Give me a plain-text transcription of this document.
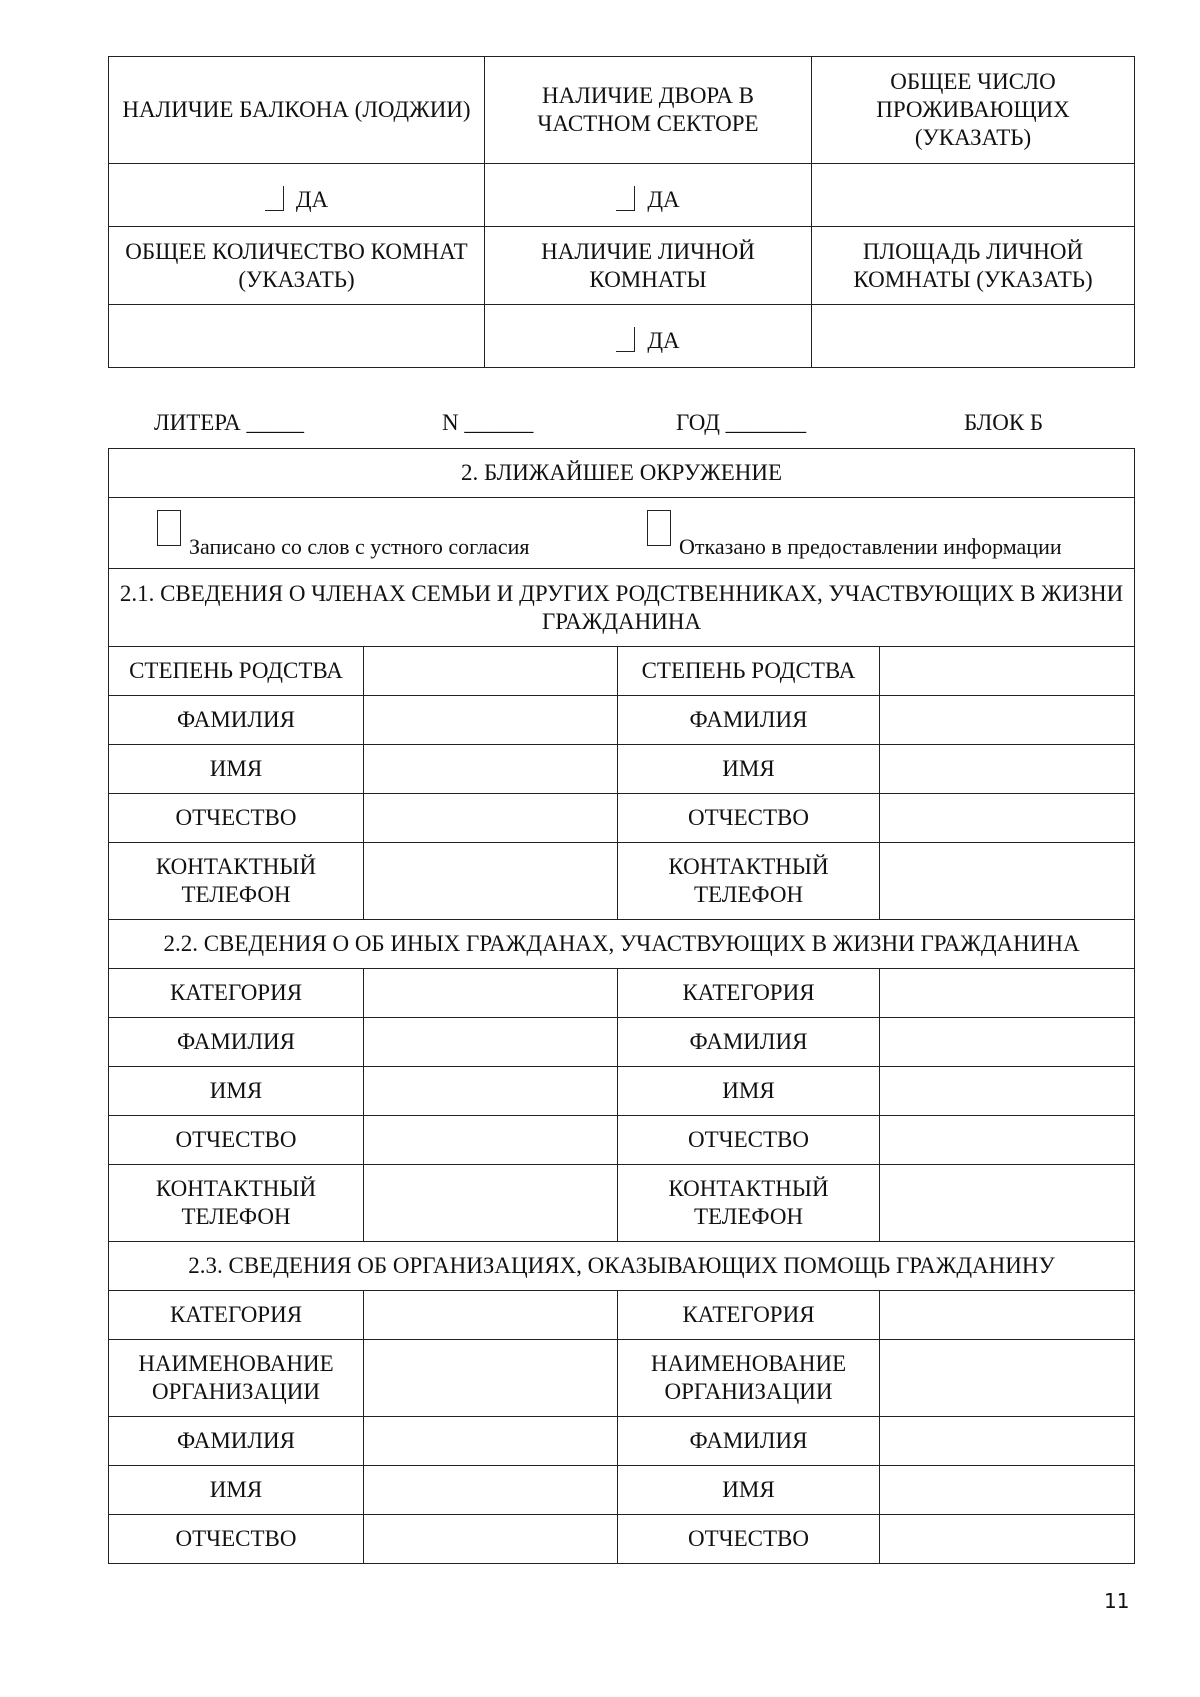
НАЛИЧИЕ БАЛКОНА (ЛОДЖИИ)	НАЛИЧИЕ ДВОРА В ЧАСТНОМ СЕКТОРЕ	ОБЩЕЕ ЧИСЛО ПРОЖИВАЮЩИХ (УКАЗАТЬ)
ДА	ДА	
ОБЩЕЕ КОЛИЧЕСТВО КОМНАТ (УКАЗАТЬ)	НАЛИЧИЕ ЛИЧНОЙ КОМНАТЫ	ПЛОЩАДЬ ЛИЧНОЙ КОМНАТЫ (УКАЗАТЬ)
	ДА	
ЛИТЕРА _____	N ______	ГОД _______	БЛОК Б
2. БЛИЖАЙШЕЕ ОКРУЖЕНИЕ			

Записано со слов с устного согласия Отказано в предоставлении информации			

2.1. СВЕДЕНИЯ О ЧЛЕНАХ СЕМЬИ И ДРУГИХ РОДСТВЕННИКАХ, УЧАСТВУЮЩИХ В ЖИЗНИ ГРАЖДАНИНА			
СТЕПЕНЬ РОДСТВА		СТЕПЕНЬ РОДСТВА	
ФАМИЛИЯ		ФАМИЛИЯ	
ИМЯ		ИМЯ	
ОТЧЕСТВО		ОТЧЕСТВО	
КОНТАКТНЫЙ ТЕЛЕФОН		КОНТАКТНЫЙ ТЕЛЕФОН	
2.2. СВЕДЕНИЯ О ОБ ИНЫХ ГРАЖДАНАХ, УЧАСТВУЮЩИХ В ЖИЗНИ ГРАЖДАНИНА			
КАТЕГОРИЯ		КАТЕГОРИЯ	
ФАМИЛИЯ		ФАМИЛИЯ	
ИМЯ		ИМЯ	
ОТЧЕСТВО		ОТЧЕСТВО	
КОНТАКТНЫЙ ТЕЛЕФОН		КОНТАКТНЫЙ ТЕЛЕФОН	
2.3. СВЕДЕНИЯ ОБ ОРГАНИЗАЦИЯХ, ОКАЗЫВАЮЩИХ ПОМОЩЬ ГРАЖДАНИНУ			
КАТЕГОРИЯ		КАТЕГОРИЯ	
НАИМЕНОВАНИЕ ОРГАНИЗАЦИИ		НАИМЕНОВАНИЕ ОРГАНИЗАЦИИ	
ФАМИЛИЯ		ФАМИЛИЯ	
ИМЯ		ИМЯ	
ОТЧЕСТВО		ОТЧЕСТВО	
11
